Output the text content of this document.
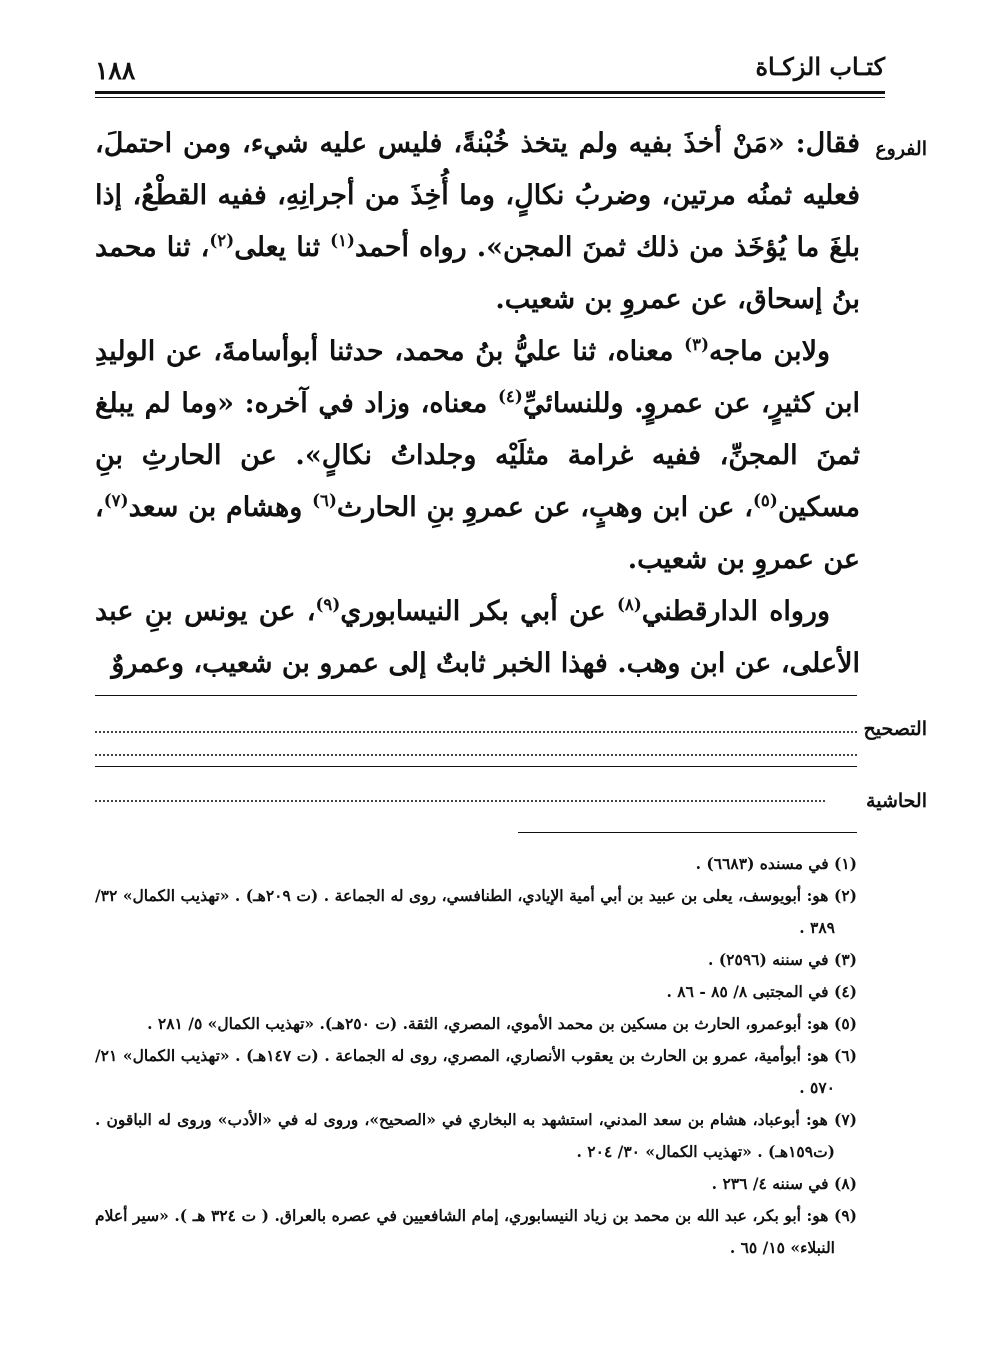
كتـاب الزكـاة
١٨٨
الفروع

فقال: «مَنْ أخذَ بفيه ولم يتخذ خُبْنةً، فليس عليه شيء، ومن احتملَ، فعليه ثمنُه مرتين، وضربُ نكالٍ، وما أُخِذَ من أجرانِهِ، ففيه القطْعُ، إذا بلغَ ما يُؤخَذ من ذلك ثمنَ المجن». رواه أحمد$^{(١)}$ ثنا يعلى$^{(٢)}$، ثنا محمد بنُ إسحاق، عن عمروِ بن شعيب.

ولابن ماجه$^{(٣)}$ معناه، ثنا عليُّ بنُ محمد، حدثنا أبوأسامةَ، عن الوليدِ ابن كثيرٍ، عن عمروٍ. وللنسائيِّ$^{(٤)}$ معناه، وزاد في آخره: «وما لم يبلغ ثمنَ المجنِّ، ففيه غرامة مثلَيْه وجلداتُ نكالٍ». عن الحارثِ بنِ مسكين$^{(٥)}$، عن ابن وهبٍ، عن عمروِ بنِ الحارث$^{(٦)}$ وهشام بن سعد$^{(٧)}$، عن عمروِ بن شعيب.

ورواه الدارقطني$^{(٨)}$ عن أبي بكر النيسابوري$^{(٩)}$، عن يونس بنِ عبد الأعلى، عن ابن وهب. فهذا الخبر ثابتٌ إلى عمرو بن شعيب، وعمروٌ

التصحيح
الحاشية

(١) في مسنده (٦٦٨٣) .

(٢) هو: أبويوسف، يعلى بن عبيد بن أبي أمية الإيادي، الطنافسي، روى له الجماعة . (ت ٢٠٩هـ) . «تهذيب الكمال» ٣٢/ ٣٨٩ .

(٣) في سننه (٢٥٩٦) .

(٤) في المجتبى ٨/ ٨٥ - ٨٦ .

(٥) هو: أبوعمرو، الحارث بن مسكين بن محمد الأموي، المصري، الثقة. (ت ٢٥٠هـ). «تهذيب الكمال» ٥/ ٢٨١ .

(٦) هو: أبوأمية، عمرو بن الحارث بن يعقوب الأنصاري، المصري، روى له الجماعة . (ت ١٤٧هـ) . «تهذيب الكمال» ٢١/ ٥٧٠ .

(٧) هو: أبوعباد، هشام بن سعد المدني، استشهد به البخاري في «الصحيح»، وروى له في «الأدب» وروى له الباقون . (ت١٥٩هـ) . «تهذيب الكمال» ٣٠/ ٢٠٤ .

(٨) في سننه ٤/ ٢٣٦ .

(٩) هو: أبو بكر، عبد الله بن محمد بن زياد النيسابوري، إمام الشافعيين في عصره بالعراق. ( ت ٣٢٤ هـ ). «سير أعلام النبلاء» ١٥/ ٦٥ .
